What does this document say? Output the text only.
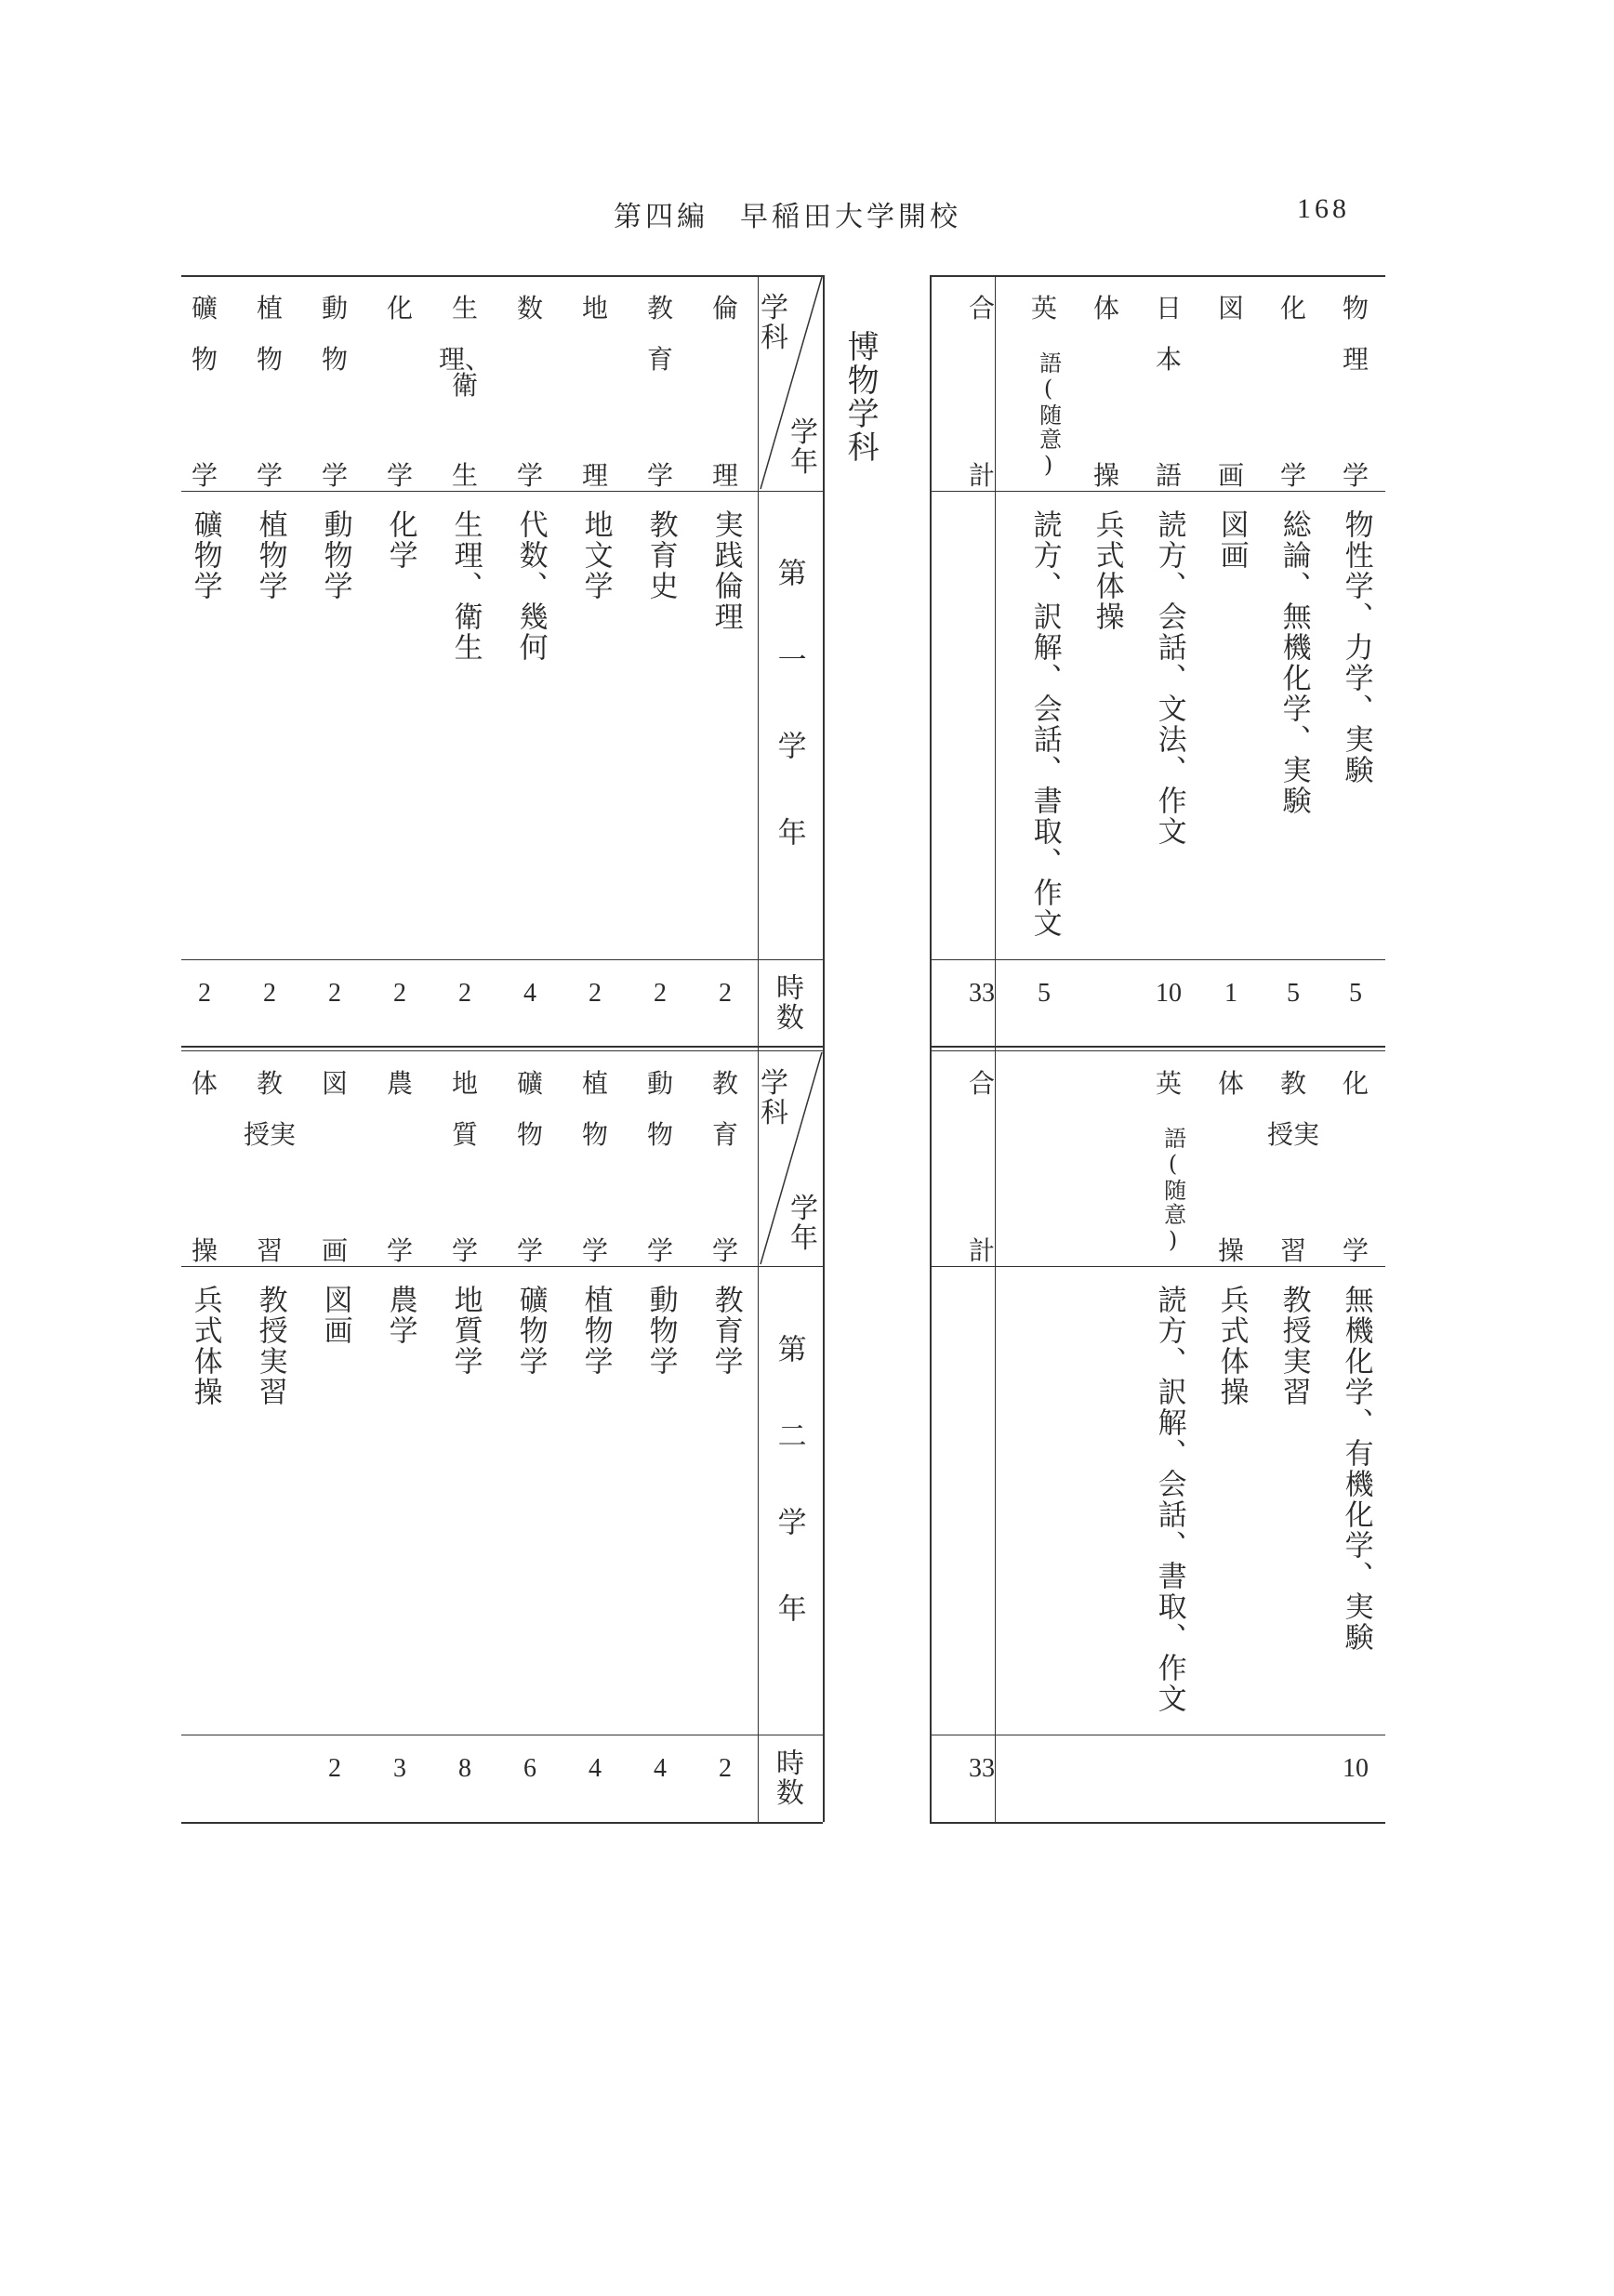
第四編　早稲田大学開校	168
博物学科
学科
学年
第一学年
時数
学科
学年
第二学年
時数
倫
理
実践倫理
2
教
育
学
教育史
2
地
理
地文学
2
数
学
代数、幾何
4
生
理、衛
生
生理、衛生
2
化
学
化学
2
動
物
学
動物学
2
植
物
学
植物学
2
礦
物
学
礦物学
2
教
育
学
教育学
2
動
物
学
動物学
4
植
物
学
植物学
4
礦
物
学
礦物学
6
地
質
学
地質学
8
農
学
農学
3
図
画
図画
2
教
授実
習
教授実習
体
操
兵式体操
物
理
学
物性学、力学、実験
5
化
学
総論、無機化学、実験
5
図
画
図画
1
日
本
語
読方、会話、文法、作文
10
体
操
兵式体操
英
語(随意)
読方、訳解、会話、書取、作文
5
合
計
33
化
学
無機化学、有機化学、実験
10
教
授実
習
教授実習
体
操
兵式体操
英
語(随意)
読方、訳解、会話、書取、作文
合
計
33
